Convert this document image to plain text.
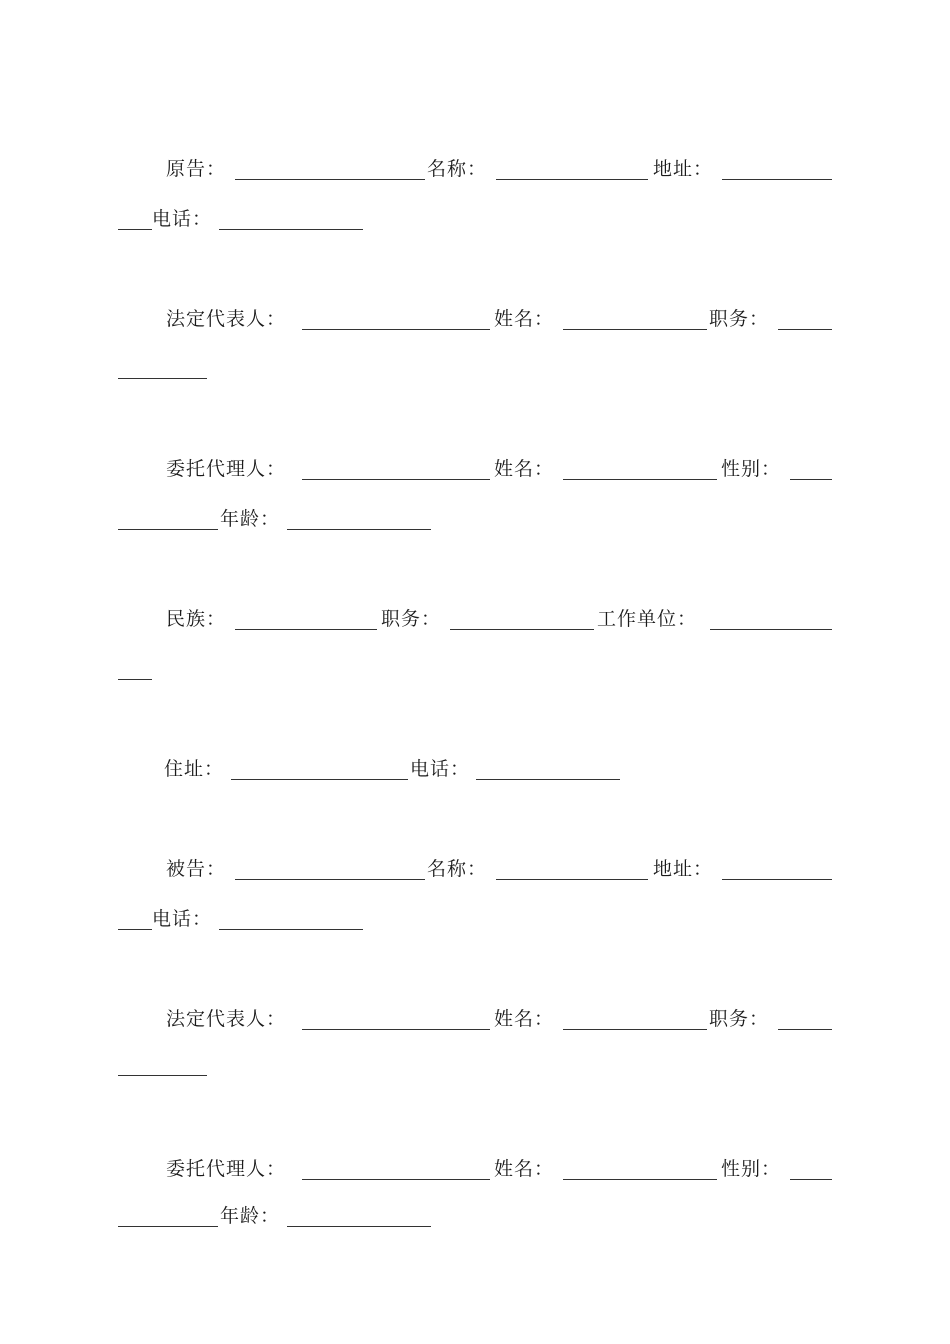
原告：	名称：	地址：
电话：
法定代表人：	姓名：	职务：
委托代理人：	姓名：	性别：
年龄：
民族：	职务：	工作单位：
住址：	电话：
被告：	名称：	地址：
电话：
法定代表人：	姓名：	职务：
委托代理人：	姓名：	性别：
年龄：
